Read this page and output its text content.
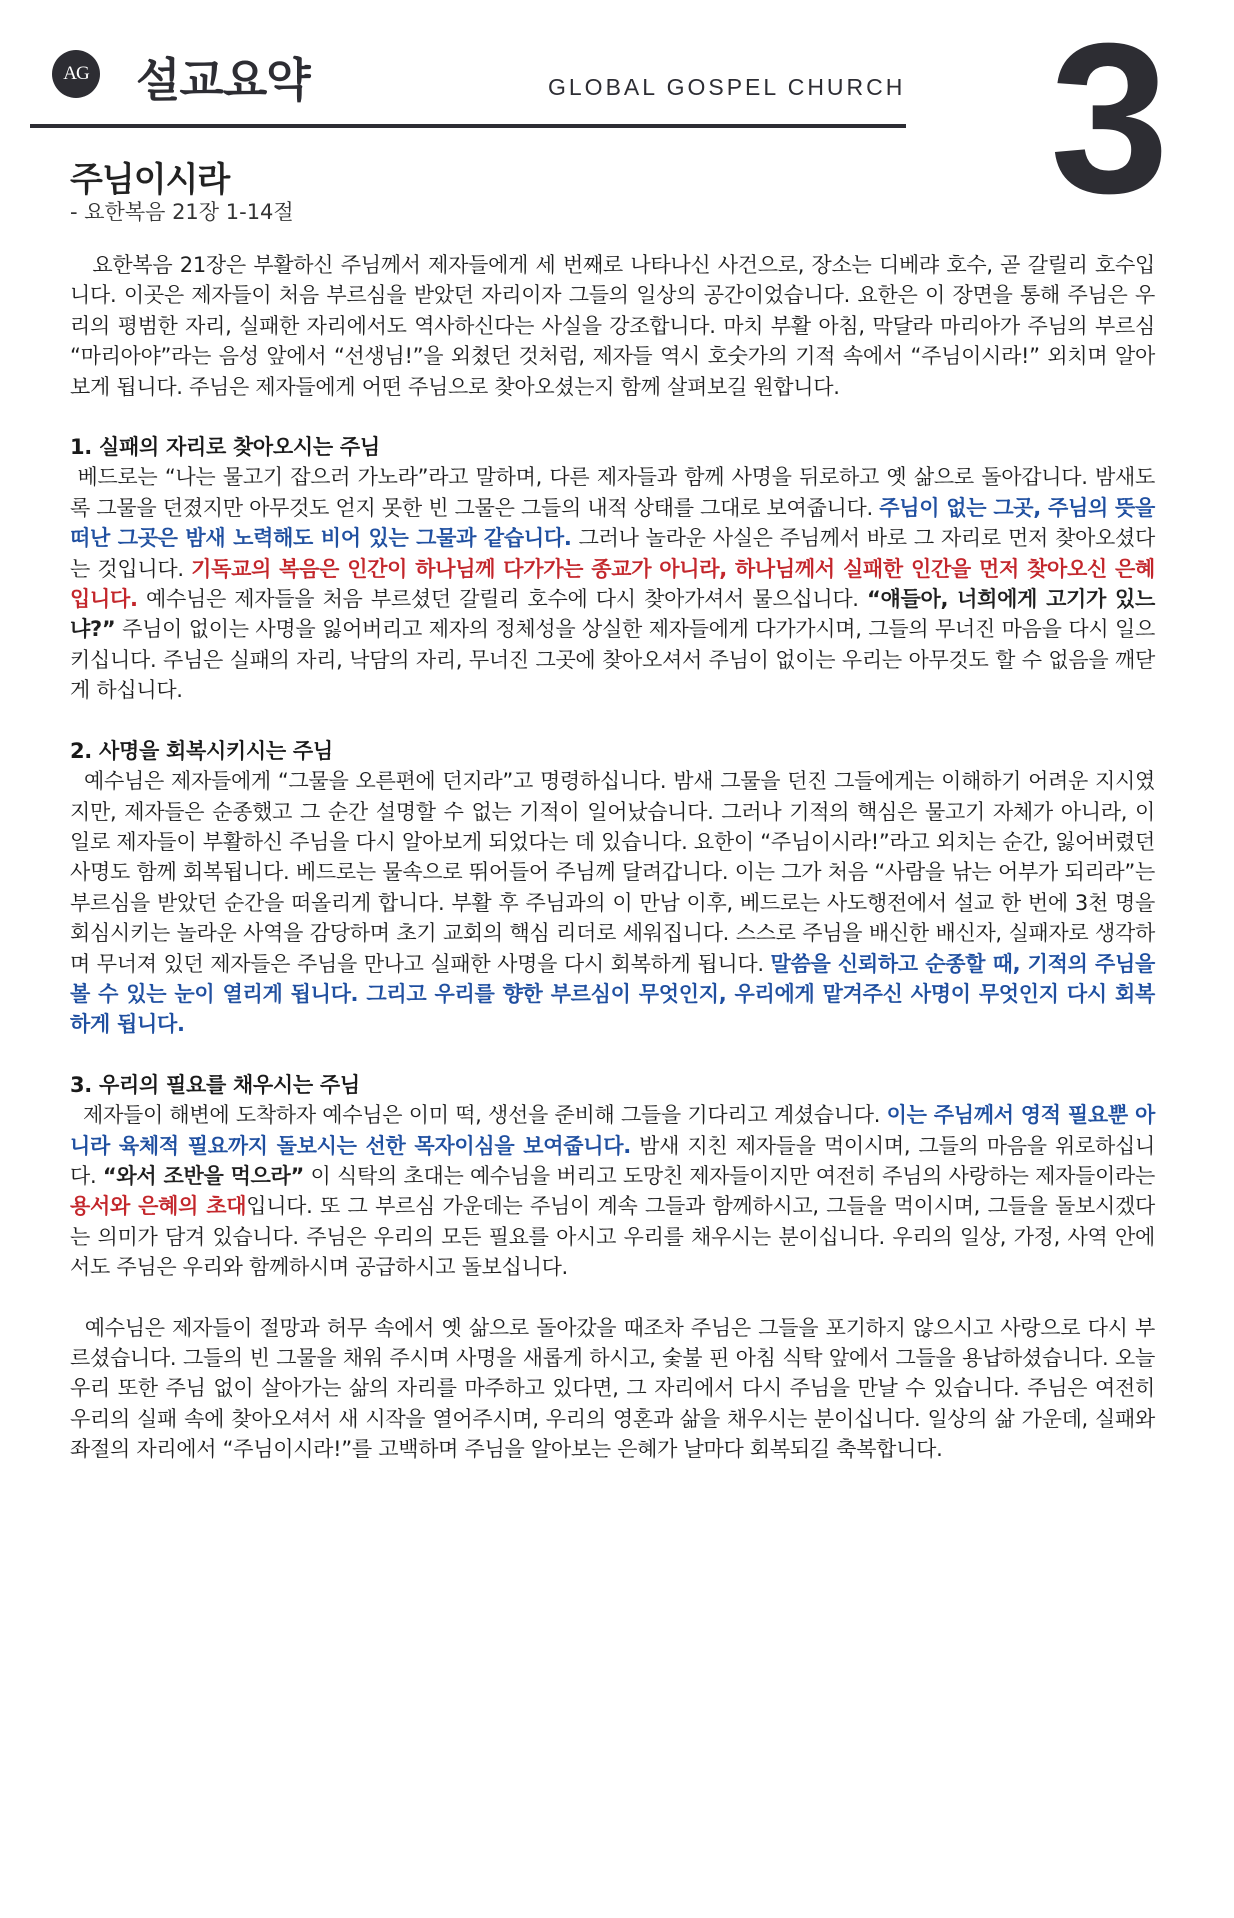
AG 설교요약	GLOBAL GOSPEL CHURCH 3
주님이시라
- 요한복음 21장 1-14절

요한복음 21장은 부활하신 주님께서 제자들에게 세 번째로 나타나신 사건으로, 장소는 디베랴 호수, 곧 갈릴리 호수입니다. 이곳은 제자들이 처음 부르심을 받았던 자리이자 그들의 일상의 공간이었습니다. 요한은 이 장면을 통해 주님은 우리의 평범한 자리, 실패한 자리에서도 역사하신다는 사실을 강조합니다. 마치 부활 아침, 막달라 마리아가 주님의 부르심 “마리아야”라는 음성 앞에서 “선생님!”을 외쳤던 것처럼, 제자들 역시 호숫가의 기적 속에서 “주님이시라!” 외치며 알아보게 됩니다. 주님은 제자들에게 어떤 주님으로 찾아오셨는지 함께 살펴보길 원합니다.

1. 실패의 자리로 찾아오시는 주님

베드로는 “나는 물고기 잡으러 가노라”라고 말하며, 다른 제자들과 함께 사명을 뒤로하고 옛 삶으로 돌아갑니다. 밤새도록 그물을 던졌지만 아무것도 얻지 못한 빈 그물은 그들의 내적 상태를 그대로 보여줍니다. 주님이 없는 그곳, 주님의 뜻을 떠난 그곳은 밤새 노력해도 비어 있는 그물과 같습니다. 그러나 놀라운 사실은 주님께서 바로 그 자리로 먼저 찾아오셨다는 것입니다. 기독교의 복음은 인간이 하나님께 다가가는 종교가 아니라, 하나님께서 실패한 인간을 먼저 찾아오신 은혜입니다. 예수님은 제자들을 처음 부르셨던 갈릴리 호수에 다시 찾아가셔서 물으십니다. “얘들아, 너희에게 고기가 있느냐?” 주님이 없이는 사명을 잃어버리고 제자의 정체성을 상실한 제자들에게 다가가시며, 그들의 무너진 마음을 다시 일으키십니다. 주님은 실패의 자리, 낙담의 자리, 무너진 그곳에 찾아오셔서 주님이 없이는 우리는 아무것도 할 수 없음을 깨닫게 하십니다.

2. 사명을 회복시키시는 주님

예수님은 제자들에게 “그물을 오른편에 던지라”고 명령하십니다. 밤새 그물을 던진 그들에게는 이해하기 어려운 지시였지만, 제자들은 순종했고 그 순간 설명할 수 없는 기적이 일어났습니다. 그러나 기적의 핵심은 물고기 자체가 아니라, 이 일로 제자들이 부활하신 주님을 다시 알아보게 되었다는 데 있습니다. 요한이 “주님이시라!”라고 외치는 순간, 잃어버렸던 사명도 함께 회복됩니다. 베드로는 물속으로 뛰어들어 주님께 달려갑니다. 이는 그가 처음 “사람을 낚는 어부가 되리라”는 부르심을 받았던 순간을 떠올리게 합니다. 부활 후 주님과의 이 만남 이후, 베드로는 사도행전에서 설교 한 번에 3천 명을 회심시키는 놀라운 사역을 감당하며 초기 교회의 핵심 리더로 세워집니다. 스스로 주님을 배신한 배신자, 실패자로 생각하며 무너져 있던 제자들은 주님을 만나고 실패한 사명을 다시 회복하게 됩니다. 말씀을 신뢰하고 순종할 때, 기적의 주님을 볼 수 있는 눈이 열리게 됩니다. 그리고 우리를 향한 부르심이 무엇인지, 우리에게 맡겨주신 사명이 무엇인지 다시 회복하게 됩니다.

3. 우리의 필요를 채우시는 주님

제자들이 해변에 도착하자 예수님은 이미 떡, 생선을 준비해 그들을 기다리고 계셨습니다. 이는 주님께서 영적 필요뿐 아니라 육체적 필요까지 돌보시는 선한 목자이심을 보여줍니다. 밤새 지친 제자들을 먹이시며, 그들의 마음을 위로하십니다. “와서 조반을 먹으라” 이 식탁의 초대는 예수님을 버리고 도망친 제자들이지만 여전히 주님의 사랑하는 제자들이라는 용서와 은혜의 초대입니다. 또 그 부르심 가운데는 주님이 계속 그들과 함께하시고, 그들을 먹이시며, 그들을 돌보시겠다는 의미가 담겨 있습니다. 주님은 우리의 모든 필요를 아시고 우리를 채우시는 분이십니다. 우리의 일상, 가정, 사역 안에서도 주님은 우리와 함께하시며 공급하시고 돌보십니다.

예수님은 제자들이 절망과 허무 속에서 옛 삶으로 돌아갔을 때조차 주님은 그들을 포기하지 않으시고 사랑으로 다시 부르셨습니다. 그들의 빈 그물을 채워 주시며 사명을 새롭게 하시고, 숯불 핀 아침 식탁 앞에서 그들을 용납하셨습니다. 오늘 우리 또한 주님 없이 살아가는 삶의 자리를 마주하고 있다면, 그 자리에서 다시 주님을 만날 수 있습니다. 주님은 여전히 우리의 실패 속에 찾아오셔서 새 시작을 열어주시며, 우리의 영혼과 삶을 채우시는 분이십니다. 일상의 삶 가운데, 실패와 좌절의 자리에서 “주님이시라!”를 고백하며 주님을 알아보는 은혜가 날마다 회복되길 축복합니다.
